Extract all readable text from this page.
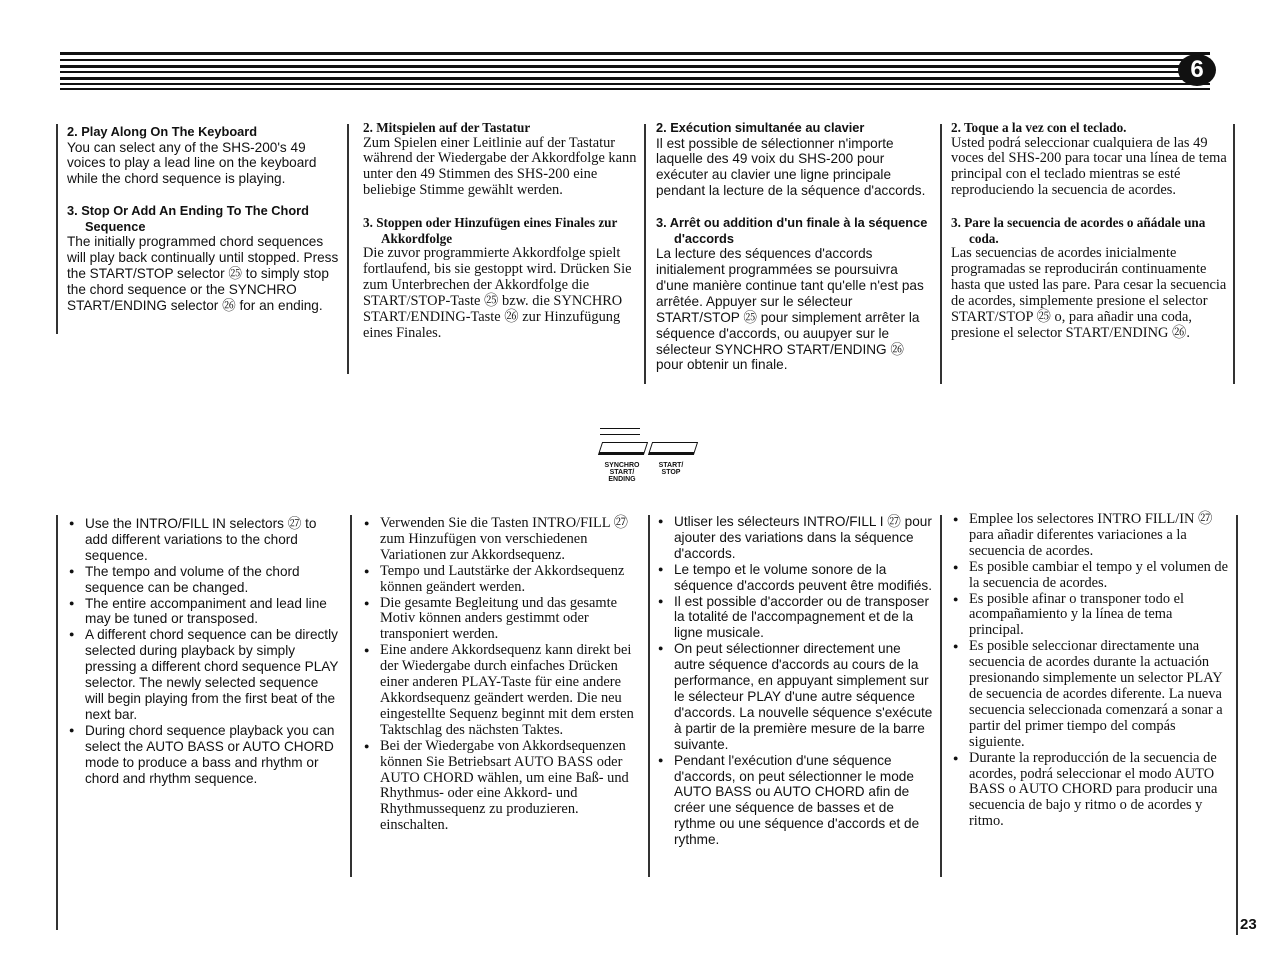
6
2. Play Along On The Keyboard

You can select any of the SHS-200's 49 voices to play a lead line on the keyboard while the chord sequence is playing.

3. Stop Or Add An Ending To The Chord Sequence

The initially programmed chord sequences will play back continually until stopped. Press the START/STOP selector ㉕ to simply stop the chord sequence or the SYNCHRO START/ENDING selector ㉖ for an ending.

2. Mitspielen auf der Tastatur

Zum Spielen einer Leitlinie auf der Tastatur während der Wiedergabe der Akkordfolge kann unter den 49 Stimmen des SHS-200 eine beliebige Stimme gewählt werden.

3. Stoppen oder Hinzufügen eines Finales zur Akkordfolge

Die zuvor programmierte Akkordfolge spielt fortlaufend, bis sie gestoppt wird. Drücken Sie zum Unterbrechen der Akkordfolge die START/STOP-Taste ㉕ bzw. die SYNCHRO START/ENDING-Taste ㉖ zur Hinzufügung eines Finales.

2. Exécution simultanée au clavier

Il est possible de sélectionner n'importe laquelle des 49 voix du SHS-200 pour exécuter au clavier une ligne principale pendant la lecture de la séquence d'accords.

3. Arrêt ou addition d'un finale à la séquence d'accords

La lecture des séquences d'accords initialement programmées se poursuivra d'une manière continue tant qu'elle n'est pas arrêtée. Appuyer sur le sélecteur START/STOP ㉕ pour simplement arrêter la séquence d'accords, ou auupyer sur le sélecteur SYNCHRO START/ENDING ㉖ pour obtenir un finale.

2. Toque a la vez con el teclado.

Usted podrá seleccionar cualquiera de las 49 voces del SHS-200 para tocar una línea de tema principal con el teclado mientras se esté reproduciendo la secuencia de acordes.

3. Pare la secuencia de acordes o añádale una coda.

Las secuencias de acordes inicialmente programadas se reproducirán continuamente hasta que usted las pare. Para cesar la secuencia de acordes, simplemente presione el selector START/STOP ㉕ o, para añadir una coda, presione el selector START/ENDING ㉖.

SYNCHRO START/ ENDING
START/ STOP
● Use the INTRO/FILL IN selectors ㉗ to add different variations to the chord sequence.
● The tempo and volume of the chord sequence can be changed.
● The entire accompaniment and lead line may be tuned or transposed.
● A different chord sequence can be directly selected during playback by simply pressing a different chord sequence PLAY selector. The newly selected sequence will begin playing from the first beat of the next bar.
● During chord sequence playback you can select the AUTO BASS or AUTO CHORD mode to produce a bass and rhythm or chord and rhythm sequence.
● Verwenden Sie die Tasten INTRO/FILL ㉗ zum Hinzufügen von verschiedenen Variationen zur Akkordsequenz.
● Tempo und Lautstärke der Akkordsequenz können geändert werden.
● Die gesamte Begleitung und das gesamte Motiv können anders gestimmt oder transponiert werden.
● Eine andere Akkordsequenz kann direkt bei der Wiedergabe durch einfaches Drücken einer anderen PLAY-Taste für eine andere Akkordsequenz geändert werden. Die neu eingestellte Sequenz beginnt mit dem ersten Taktschlag des nächsten Taktes.
● Bei der Wiedergabe von Akkordsequenzen können Sie Betriebsart AUTO BASS oder AUTO CHORD wählen, um eine Baß- und Rhythmus- oder eine Akkord- und Rhythmussequenz zu produzieren. einschalten.
● Utliser les sélecteurs INTRO/FILL I ㉗ pour ajouter des variations dans la séquence d'accords.
● Le tempo et le volume sonore de la séquence d'accords peuvent être modifiés.
● Il est possible d'accorder ou de transposer la totalité de l'accompagnement et de la ligne musicale.
● On peut sélectionner directement une autre séquence d'accords au cours de la performance, en appuyant simplement sur le sélecteur PLAY d'une autre séquence d'accords. La nouvelle séquence s'exécute à partir de la première mesure de la barre suivante.
● Pendant l'exécution d'une séquence d'accords, on peut sélectionner le mode AUTO BASS ou AUTO CHORD afin de créer une séquence de basses et de rythme ou une séquence d'accords et de rythme.
● Emplee los selectores INTRO FILL/IN ㉗ para añadir diferentes variaciones a la secuencia de acordes.
● Es posible cambiar el tempo y el volumen de la secuencia de acordes.
● Es posible afinar o transponer todo el acompañamiento y la línea de tema principal.
● Es posible seleccionar directamente una secuencia de acordes durante la actuación presionando simplemente un selector PLAY de secuencia de acordes diferente. La nueva secuencia seleccionada comenzará a sonar a partir del primer tiempo del compás siguiente.
● Durante la reproducción de la secuencia de acordes, podrá seleccionar el modo AUTO BASS o AUTO CHORD para producir una secuencia de bajo y ritmo o de acordes y ritmo.
23
